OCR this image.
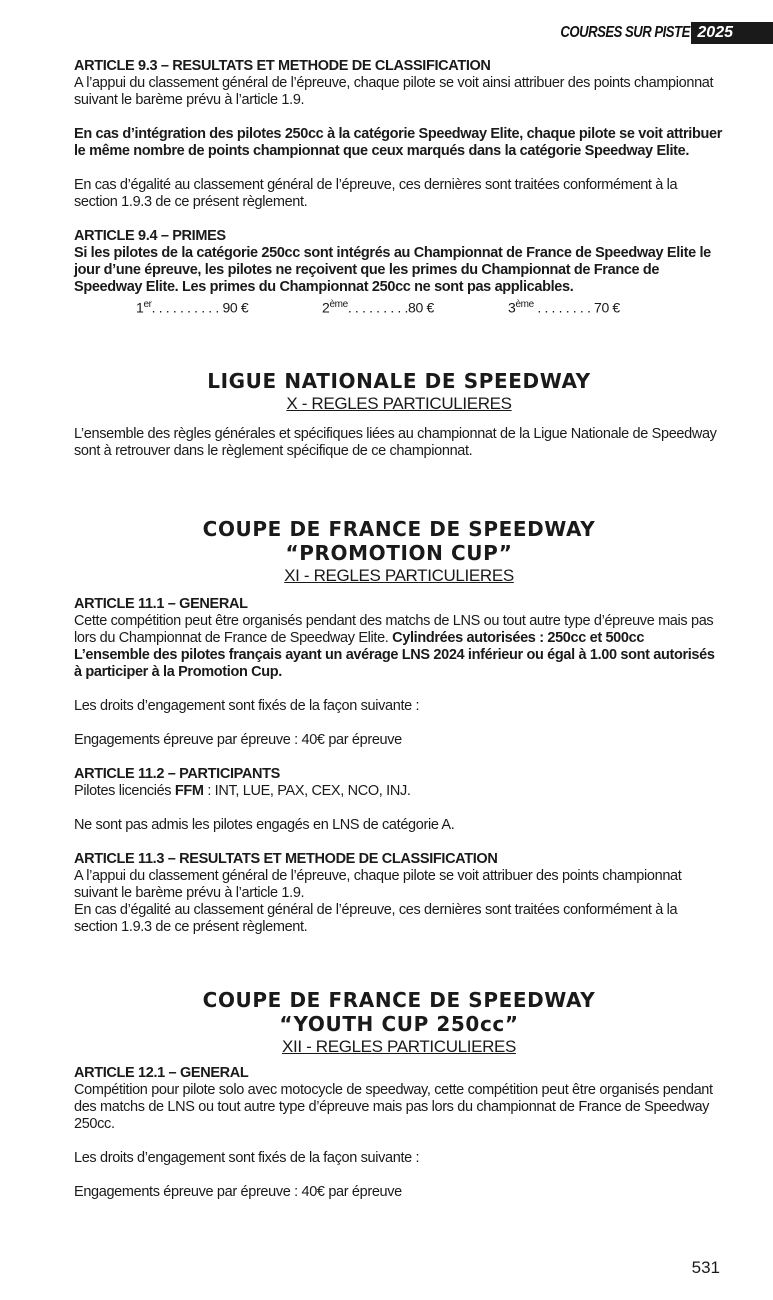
COURSES SUR PISTE 2025

ARTICLE 9.3 – RESULTATS ET METHODE DE CLASSIFICATION

A l’appui du classement général de l’épreuve, chaque pilote se voit ainsi attribuer des points championnat suivant le barème prévu à l’article 1.9.

En cas d’intégration des pilotes 250cc à la catégorie Speedway Elite, chaque pilote se voit attribuer le même nombre de points championnat que ceux marqués dans la catégorie Speedway Elite.

En cas d’égalité au classement général de l’épreuve, ces dernières sont traitées conformément à la section 1.9.3 de ce présent règlement.

ARTICLE 9.4 – PRIMES

Si les pilotes de la catégorie 250cc sont intégrés au Championnat de France de Speedway Elite le jour d’une épreuve, les pilotes ne reçoivent que les primes du Championnat de France de Speedway Elite. Les primes du Championnat 250cc ne sont pas applicables.

1er. . . . . . . . . . 90 €	2ème. . . . . . . . .80 €	3ème . . . . . . . . 70 €
LIGUE NATIONALE DE SPEEDWAY
X - REGLES PARTICULIERES

L’ensemble des règles générales et spécifiques liées au championnat de la Ligue Nationale de Speedway sont à retrouver dans le règlement spécifique de ce championnat.

COUPE DE FRANCE DE SPEEDWAY
“PROMOTION CUP”
XI - REGLES PARTICULIERES

ARTICLE 11.1 – GENERAL

Cette compétition peut être organisés pendant des matchs de LNS ou tout autre type d’épreuve mais pas lors du Championnat de France de Speedway Elite. Cylindrées autorisées : 250cc et 500cc

L’ensemble des pilotes français ayant un avérage LNS 2024 inférieur ou égal à 1.00 sont autorisés à participer à la Promotion Cup.

Les droits d’engagement sont fixés de la façon suivante :

Engagements épreuve par épreuve : 40€ par épreuve

ARTICLE 11.2 – PARTICIPANTS

Pilotes licenciés FFM : INT, LUE, PAX, CEX, NCO, INJ.

Ne sont pas admis les pilotes engagés en LNS de catégorie A.

ARTICLE 11.3 – RESULTATS ET METHODE DE CLASSIFICATION

A l’appui du classement général de l’épreuve, chaque pilote se voit attribuer des points championnat suivant le barème prévu à l’article 1.9.

En cas d’égalité au classement général de l’épreuve, ces dernières sont traitées conformément à la section 1.9.3 de ce présent règlement.

COUPE DE FRANCE DE SPEEDWAY
“YOUTH CUP 250cc”
XII - REGLES PARTICULIERES

ARTICLE 12.1 – GENERAL

Compétition pour pilote solo avec motocycle de speedway, cette compétition peut être organisés pendant des matchs de LNS ou tout autre type d’épreuve mais pas lors du championnat de France de Speedway 250cc.

Les droits d’engagement sont fixés de la façon suivante :

Engagements épreuve par épreuve : 40€ par épreuve

531
